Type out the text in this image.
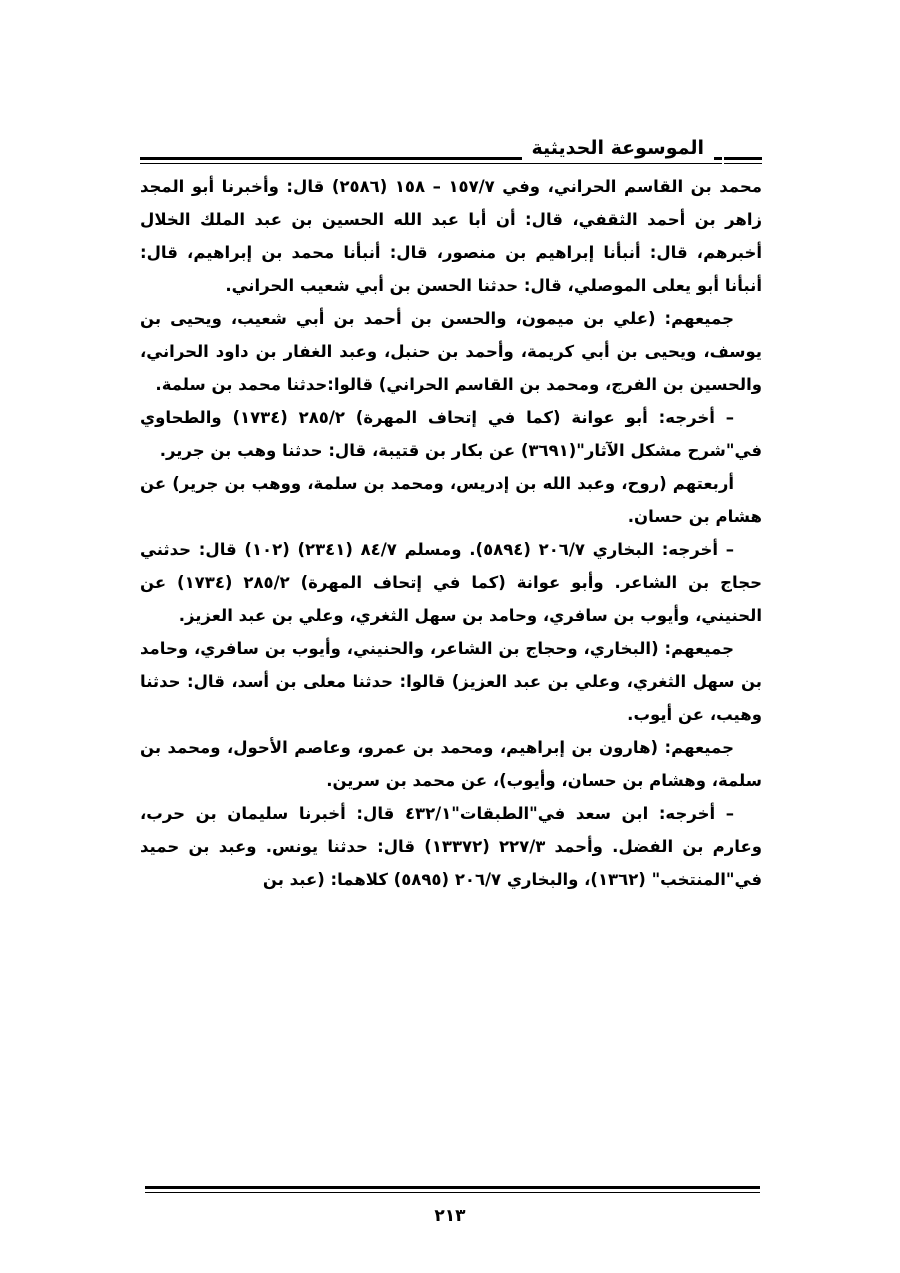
الموسوعة الحديثية

محمد بن القاسم الحراني، وفي ١٥٧/٧ – ١٥٨ (٢٥٨٦) قال: وأخبرنا أبو المجد زاهر بن أحمد الثقفي، قال: أن أبا عبد الله الحسين بن عبد الملك الخلال أخبرهم، قال: أنبأنا إبراهيم بن منصور، قال: أنبأنا محمد بن إبراهيم، قال: أنبأنا أبو يعلى الموصلي، قال: حدثنا الحسن بن أبي شعيب الحراني.

جميعهم: (علي بن ميمون، والحسن بن أحمد بن أبي شعيب، ويحيى بن يوسف، ويحيى بن أبي كريمة، وأحمد بن حنبل، وعبد الغفار بن داود الحراني، والحسين بن الفرج، ومحمد بن القاسم الحراني) قالوا:حدثنا محمد بن سلمة.

– أخرجه: أبو عوانة (كما في إتحاف المهرة) ٢٨٥/٢ (١٧٣٤) والطحاوي في"شرح مشكل الآثار"(٣٦٩١) عن بكار بن قتيبة، قال: حدثنا وهب بن جرير.

أربعتهم (روح، وعبد الله بن إدريس، ومحمد بن سلمة، ووهب بن جرير) عن هشام بن حسان.

– أخرجه: البخاري ٢٠٦/٧ (٥٨٩٤). ومسلم ٨٤/٧ (٢٣٤١) (١٠٢) قال: حدثني حجاج بن الشاعر. وأبو عوانة (كما في إتحاف المهرة) ٢٨٥/٢ (١٧٣٤) عن الحنيني، وأيوب بن سافري، وحامد بن سهل الثغري، وعلي بن عبد العزيز.

جميعهم: (البخاري، وحجاج بن الشاعر، والحنيني، وأيوب بن سافري، وحامد بن سهل الثغري، وعلي بن عبد العزيز) قالوا: حدثنا معلى بن أسد، قال: حدثنا وهيب، عن أيوب.

جميعهم: (هارون بن إبراهيم، ومحمد بن عمرو، وعاصم الأحول، ومحمد بن سلمة، وهشام بن حسان، وأيوب)، عن محمد بن سرين.

– أخرجه: ابن سعد في"الطبقات"٤٣٢/١ قال: أخبرنا سليمان بن حرب، وعارم بن الفضل. وأحمد ٢٢٧/٣ (١٣٣٧٢) قال: حدثنا يونس. وعبد بن حميد في"المنتخب" (١٣٦٢)، والبخاري ٢٠٦/٧ (٥٨٩٥) كلاهما: (عبد بن

٢١٣
